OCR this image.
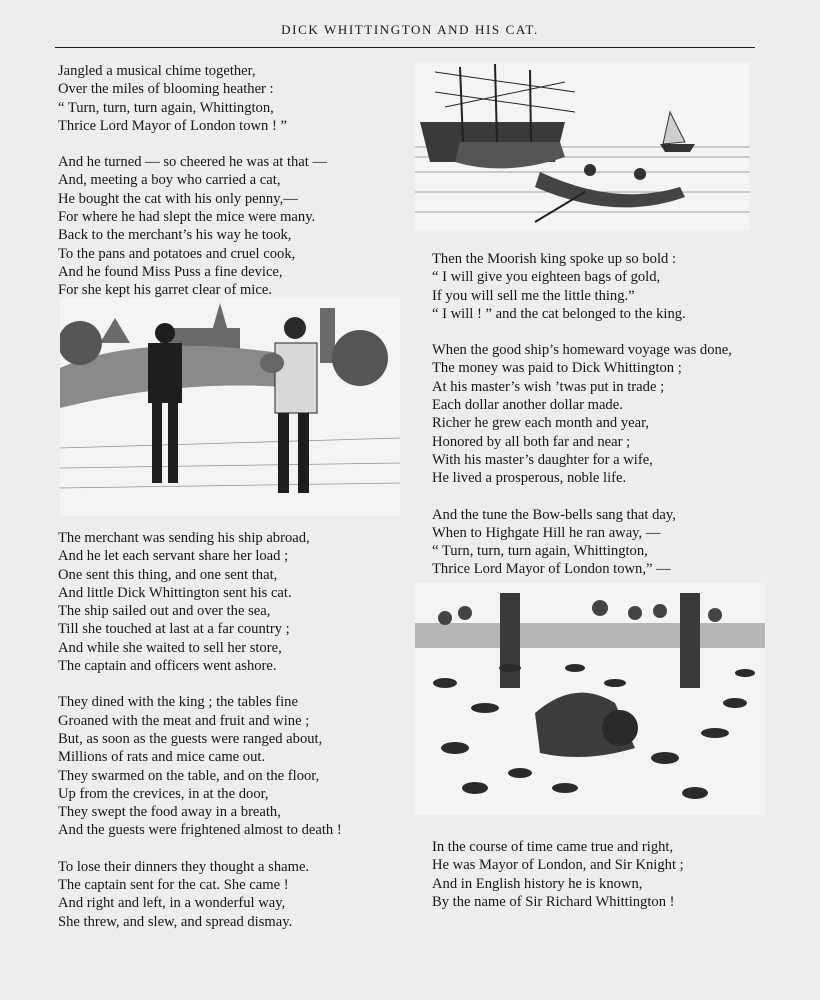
DICK WHITTINGTON AND HIS CAT.

Jangled a musical chime together,

Over the miles of blooming heather :

“ Turn, turn, turn again, Whittington,

Thrice Lord Mayor of London town ! ”

And he turned — so cheered he was at that —

And, meeting a boy who carried a cat,

He bought the cat with his only penny,—

For where he had slept the mice were many.

Back to the merchant’s his way he took,

To the pans and potatoes and cruel cook,

And he found Miss Puss a fine device,

For she kept his garret clear of mice.

The merchant was sending his ship abroad,

And he let each servant share her load ;

One sent this thing, and one sent that,

And little Dick Whittington sent his cat.

The ship sailed out and over the sea,

Till she touched at last at a far country ;

And while she waited to sell her store,

The captain and officers went ashore.

They dined with the king ; the tables fine

Groaned with the meat and fruit and wine ;

But, as soon as the guests were ranged about,

Millions of rats and mice came out.

They swarmed on the table, and on the floor,

Up from the crevices, in at the door,

They swept the food away in a breath,

And the guests were frightened almost to death !

To lose their dinners they thought a shame.

The captain sent for the cat. She came !

And right and left, in a wonderful way,

She threw, and slew, and spread dismay.

Then the Moorish king spoke up so bold :

“ I will give you eighteen bags of gold,

If you will sell me the little thing.”

“ I will ! ” and the cat belonged to the king.

When the good ship’s homeward voyage was done,

The money was paid to Dick Whittington ;

At his master’s wish ’twas put in trade ;

Each dollar another dollar made.

Richer he grew each month and year,

Honored by all both far and near ;

With his master’s daughter for a wife,

He lived a prosperous, noble life.

And the tune the Bow-bells sang that day,

When to Highgate Hill he ran away, —

“ Turn, turn, turn again, Whittington,

Thrice Lord Mayor of London town,” —

In the course of time came true and right,

He was Mayor of London, and Sir Knight ;

And in English history he is known,

By the name of Sir Richard Whittington !
